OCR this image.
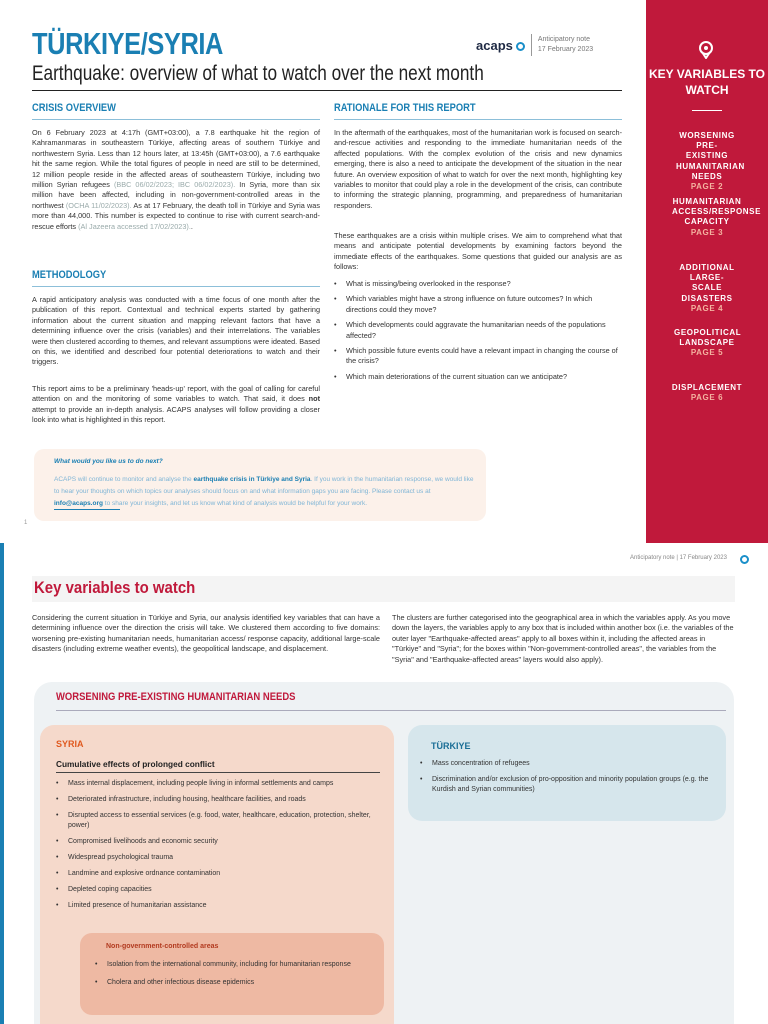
TÜRKIYE/SYRIA
Earthquake: overview of what to watch over the next month
acaps	Anticipatory note
17 February 2023
CRISIS OVERVIEW
On 6 February 2023 at 4:17h (GMT+03:00), a 7.8 earthquake hit the region of Kahramanmaras in southeastern Türkiye, affecting areas of southern Türkiye and northwestern Syria. Less than 12 hours later, at 13:45h (GMT+03:00), a 7.6 earthquake hit the same region. While the total figures of people in need are still to be determined, 12 million people reside in the affected areas of southeastern Türkiye, including two million Syrian refugees (BBC 06/02/2023; IBC 06/02/2023). In Syria, more than six million have been affected, including in non-government-controlled areas in the northwest (OCHA 11/02/2023). As at 17 February, the death toll in Türkiye and Syria was more than 44,000. This number is expected to continue to rise with current search-and-rescue efforts (Al Jazeera accessed 17/02/2023)..
METHODOLOGY
A rapid anticipatory analysis was conducted with a time focus of one month after the publication of this report. Contextual and technical experts started by gathering information about the current situation and mapping relevant factors that have a determining influence over the crisis (variables) and their interrelations. The variables were then clustered according to themes, and relevant assumptions were ideated. Based on this, we identified and described four potential deteriorations to watch and their triggers.
This report aims to be a preliminary 'heads-up' report, with the goal of calling for careful attention on and the monitoring of some variables to watch. That said, it does not attempt to provide an in-depth analysis. ACAPS analyses will follow providing a closer look into what is highlighted in this report.
RATIONALE FOR THIS REPORT
In the aftermath of the earthquakes, most of the humanitarian work is focused on search-and-rescue activities and responding to the immediate humanitarian needs of the affected populations. With the complex evolution of the crisis and new dynamics emerging, there is also a need to anticipate the development of the situation in the near future. An overview exposition of what to watch for over the next month, highlighting key variables to monitor that could play a role in the development of the crisis, can contribute to informing the strategic planning, programming, and preparedness of humanitarian responders.
These earthquakes are a crisis within multiple crises. We aim to comprehend what that means and anticipate potential developments by examining factors beyond the immediate effects of the earthquakes. Some questions that guided our analysis are as follows:
• What is missing/being overlooked in the response?
• Which variables might have a strong influence on future outcomes? In which directions could they move?
• Which developments could aggravate the humanitarian needs of the populations affected?
• Which possible future events could have a relevant impact in changing the course of the crisis?
• Which main deteriorations of the current situation can we anticipate?
What would you like us to do next?
ACAPS will continue to monitor and analyse the earthquake crisis in Türkiye and Syria. If you work in the humanitarian response, we would like to hear your thoughts on which topics our analyses should focus on and what information gaps you are facing. Please contact us at info@acaps.org to share your insights, and let us know what kind of analysis would be helpful for your work.
1
KEY VARIABLES TO WATCH
WORSENING PRE-EXISTING HUMANITARIAN NEEDS
PAGE 2
HUMANITARIAN ACCESS/RESPONSE CAPACITY
PAGE 3
ADDITIONAL LARGE-SCALE DISASTERS
PAGE 4
GEOPOLITICAL LANDSCAPE
PAGE 5
DISPLACEMENT
PAGE 6
Anticipatory note | 17 February 2023
Key variables to watch
Considering the current situation in Türkiye and Syria, our analysis identified key variables that can have a determining influence over the direction the crisis will take. We clustered them according to five domains: worsening pre-existing humanitarian needs, humanitarian access/ response capacity, additional large-scale disasters (including extreme weather events), the geopolitical landscape, and displacement.
The clusters are further categorised into the geographical area in which the variables apply. As you move down the layers, the variables apply to any box that is included within another box (i.e. the variables of the outer layer "Earthquake-affected areas" apply to all boxes within it, including the affected areas in "Türkiye" and "Syria"; for the boxes within "Non-government-controlled areas", the variables from the "Syria" and "Earthquake-affected areas" layers would also apply).
WORSENING PRE-EXISTING HUMANITARIAN NEEDS
SYRIA
Cumulative effects of prolonged conflict
• Mass internal displacement, including people living in informal settlements and camps
• Deteriorated infrastructure, including housing, healthcare facilities, and roads
• Disrupted access to essential services (e.g. food, water, healthcare, education, protection, shelter, power)
• Compromised livelihoods and economic security
• Widespread psychological trauma
• Landmine and explosive ordnance contamination
• Depleted coping capacities
• Limited presence of humanitarian assistance
Non-government-controlled areas
• Isolation from the international community, including for humanitarian response
• Cholera and other infectious disease epidemics
TÜRKIYE
• Mass concentration of refugees
• Discrimination and/or exclusion of pro-opposition and minority population groups (e.g. the Kurdish and Syrian communities)
